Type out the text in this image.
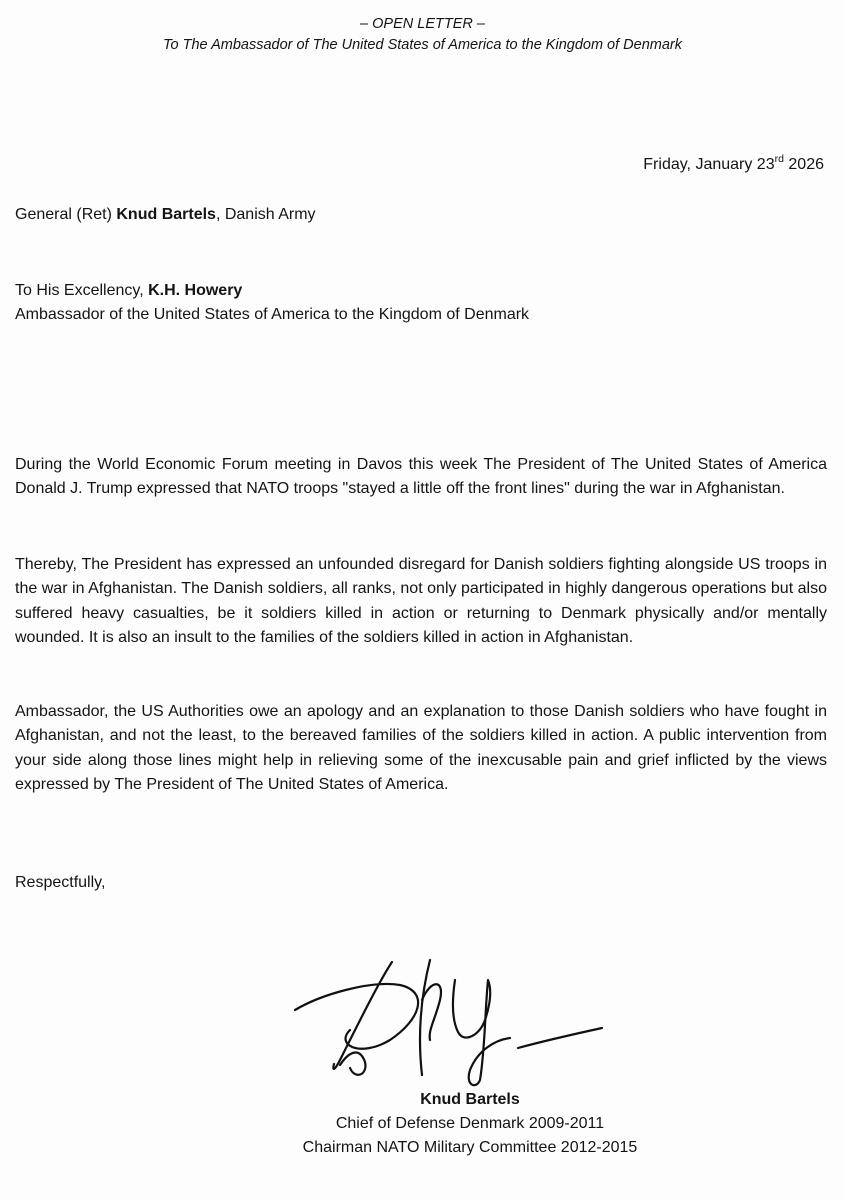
– OPEN LETTER –
To The Ambassador of The United States of America to the Kingdom of Denmark
Friday, January 23rd 2026
General (Ret) Knud Bartels, Danish Army
To His Excellency, K.H. Howery
Ambassador of the United States of America to the Kingdom of Denmark

During the World Economic Forum meeting in Davos this week The President of The United States of America Donald J. Trump expressed that NATO troops "stayed a little off the front lines" during the war in Afghanistan.

Thereby, The President has expressed an unfounded disregard for Danish soldiers fighting alongside US troops in the war in Afghanistan. The Danish soldiers, all ranks, not only participated in highly dangerous operations but also suffered heavy casualties, be it soldiers killed in action or returning to Denmark physically and/or mentally wounded. It is also an insult to the families of the soldiers killed in action in Afghanistan.

Ambassador, the US Authorities owe an apology and an explanation to those Danish soldiers who have fought in Afghanistan, and not the least, to the bereaved families of the soldiers killed in action. A public intervention from your side along those lines might help in relieving some of the inexcusable pain and grief inflicted by the views expressed by The President of The United States of America.

Respectfully,
Knud Bartels
Chief of Defense Denmark 2009-2011
Chairman NATO Military Committee 2012-2015
